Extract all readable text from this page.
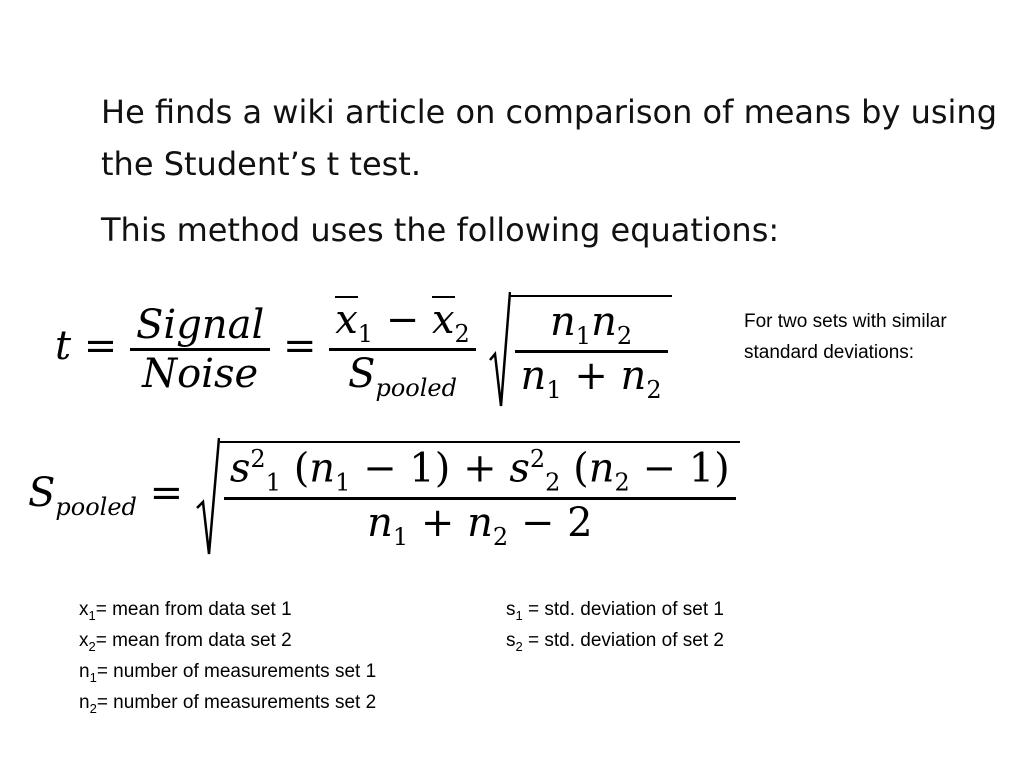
He finds a wiki article on comparison of means by using the Student’s t test.

This method uses the following equations:

$t = \frac{\text{Signal}}{\text{Noise}} = \frac{x_1 - x_2}{S_{pooled}}$
$\frac{n_1n_2}{n_1 + n_2}$	For two sets with similar standard deviations:
$S_{pooled}$ =
$s^2_1$ $(n_1 - 1) + s^2_2$ $(n_2 - 1)$
$n_1 + n_2 - 2$
$x_1=$ mean from data set 1
$x_2=$ mean from data set 2
$n_1=$ number of measurements set 1
$n_2=$ number of measurements set 2
$s_1$ = std. deviation of set 1
$s_2$ = std. deviation of set 2
